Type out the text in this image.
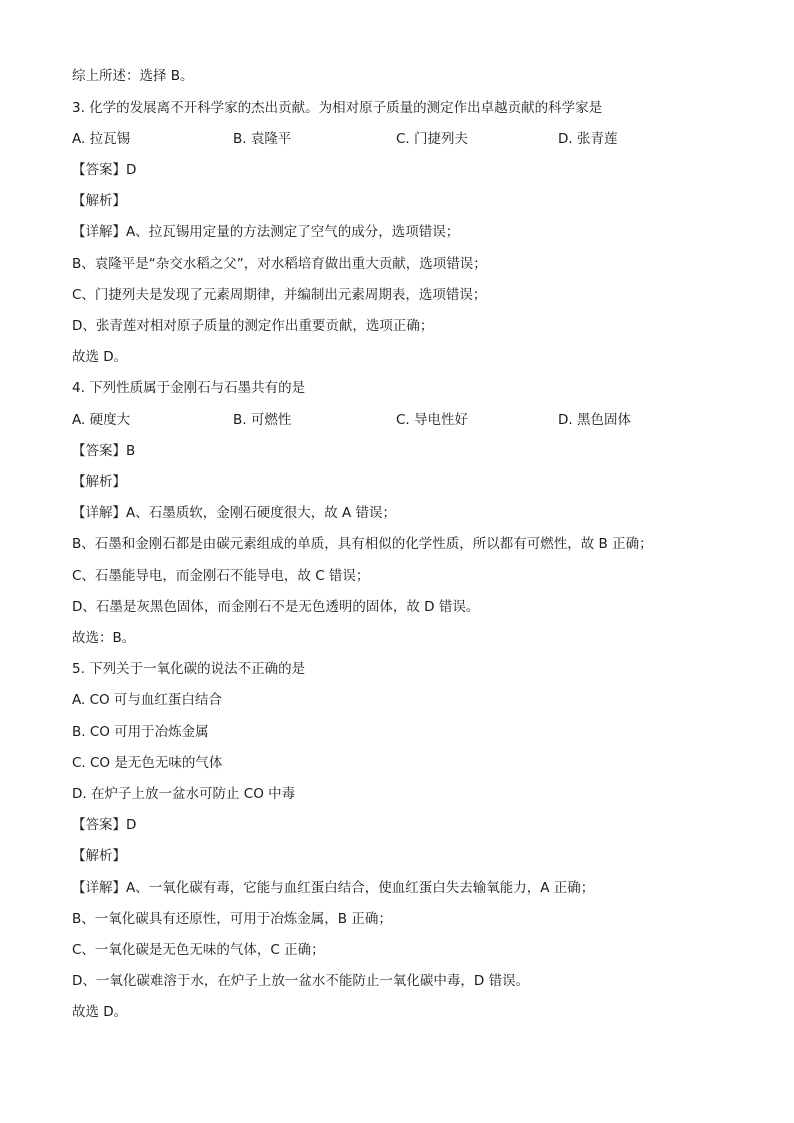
综上所述：选择 B。
3. 化学的发展离不开科学家的杰出贡献。为相对原子质量的测定作出卓越贡献的科学家是
A. 拉瓦锡	B. 袁隆平	C. 门捷列夫	D. 张青莲
【答案】D
【解析】
【详解】A、拉瓦锡用定量的方法测定了空气的成分，选项错误；
B、袁隆平是“杂交水稻之父”，对水稻培育做出重大贡献，选项错误；
C、门捷列夫是发现了元素周期律，并编制出元素周期表，选项错误；
D、张青莲对相对原子质量的测定作出重要贡献，选项正确；
故选 D。
4. 下列性质属于金刚石与石墨共有的是
A. 硬度大	B. 可燃性	C. 导电性好	D. 黑色固体
【答案】B
【解析】
【详解】A、石墨质软，金刚石硬度很大，故 A 错误；
B、石墨和金刚石都是由碳元素组成的单质，具有相似的化学性质，所以都有可燃性，故 B 正确；
C、石墨能导电，而金刚石不能导电，故 C 错误；
D、石墨是灰黑色固体，而金刚石不是无色透明的固体，故 D 错误。
故选：B。
5. 下列关于一氧化碳的说法不正确的是
A. CO 可与血红蛋白结合
B. CO 可用于冶炼金属
C. CO 是无色无味的气体
D. 在炉子上放一盆水可防止 CO 中毒
【答案】D
【解析】
【详解】A、一氧化碳有毒，它能与血红蛋白结合，使血红蛋白失去输氧能力，A 正确；
B、一氧化碳具有还原性，可用于冶炼金属，B 正确；
C、一氧化碳是无色无味的气体，C 正确；
D、一氧化碳难溶于水，在炉子上放一盆水不能防止一氧化碳中毒，D 错误。
故选 D。
